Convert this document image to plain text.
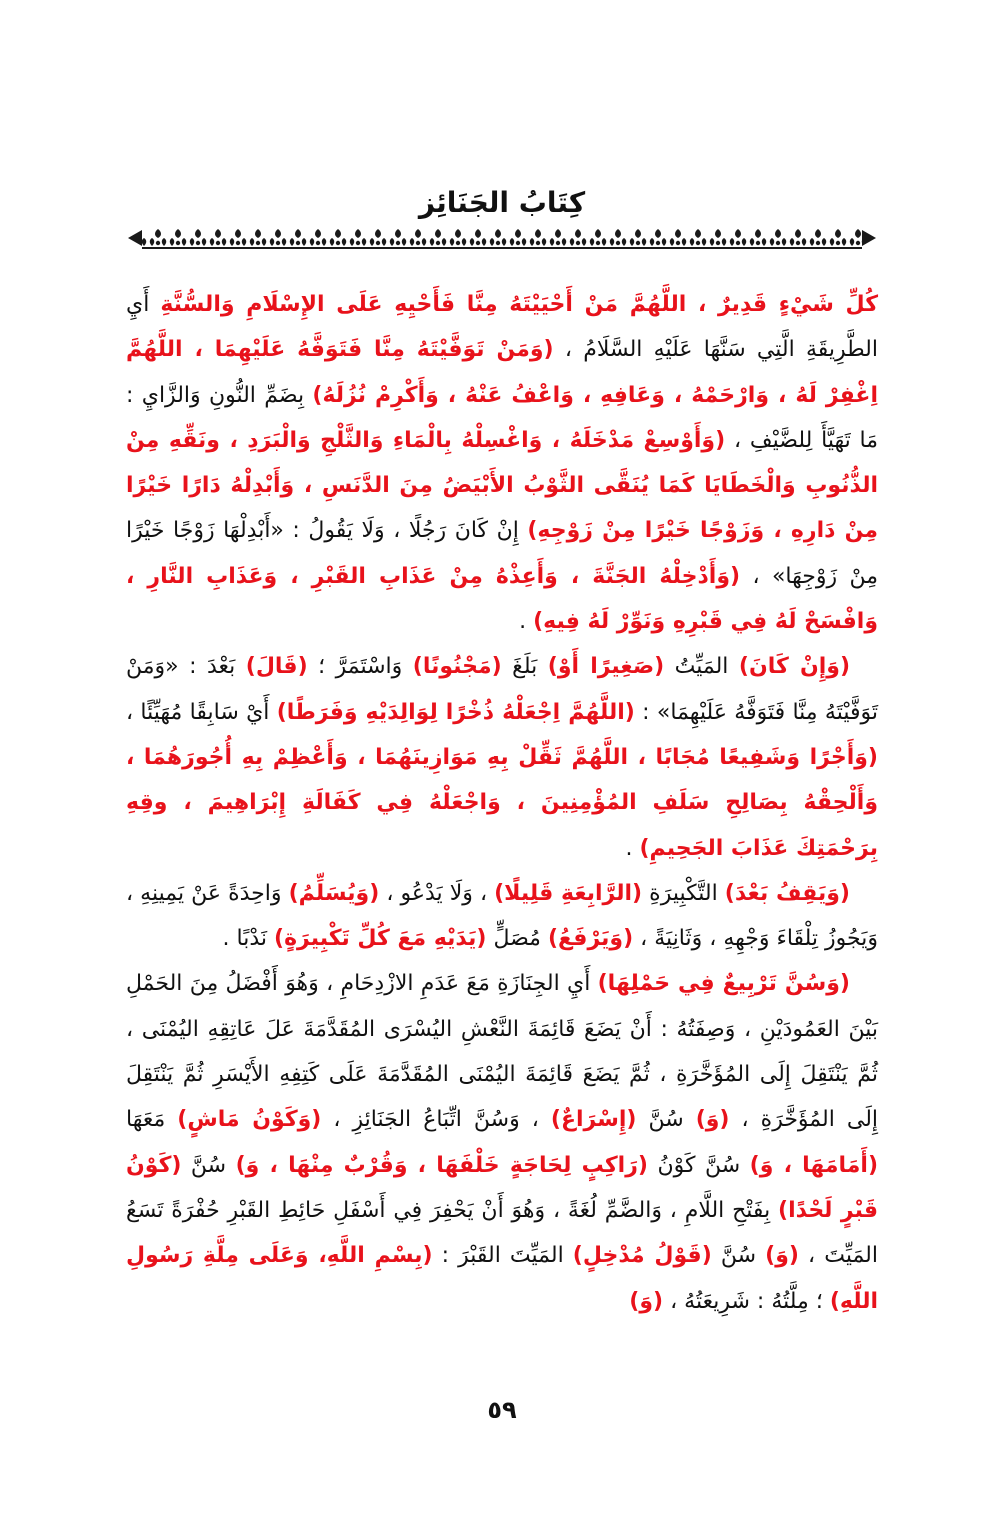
كِتَابُ الجَنَائِز

كُلِّ شَيْءٍ قَدِيرٌ ، اللَّهُمَّ مَنْ أَحْيَيْتَهُ مِنَّا فَأَحْيِهِ عَلَى الإِسْلَامِ وَالسُّنَّةِ أَيِ الطَّرِيقَةِ الَّتِي سَنَّهَا عَلَيْهِ السَّلَامُ ، (وَمَنْ تَوَفَّيْتَهُ مِنَّا فَتَوَفَّهُ عَلَيْهِمَا ، اللَّهُمَّ اِغْفِرْ لَهُ ، وَارْحَمْهُ ، وَعَافِهِ ، وَاعْفُ عَنْهُ ، وَأَكْرِمْ نُزُلَهُ) بِضَمِّ النُّونِ وَالزَّايِ : مَا تَهَيَّأَ لِلضَّيْفِ ، (وَأَوْسِعْ مَدْخَلَهُ ، وَاغْسِلْهُ بِالْمَاءِ وَالثَّلْجِ وَالْبَرَدِ ، ونَقِّهِ مِنْ الذُّنُوبِ وَالْخَطَايَا كَمَا يُنَقَّى الثَّوْبُ الأَبْيَضُ مِنَ الدَّنَسِ ، وَأَبْدِلْهُ دَارًا خَيْرًا مِنْ دَارِهِ ، وَزَوْجًا خَيْرًا مِنْ زَوْجِهِ) إِنْ كَانَ رَجُلًا ، وَلَا يَقُولُ : «أَبْدِلْهَا زَوْجًا خَيْرًا مِنْ زَوْجِهَا» ، (وَأَدْخِلْهُ الجَنَّةَ ، وَأَعِذْهُ مِنْ عَذَابِ القَبْرِ ، وَعَذَابِ النَّارِ ، وَافْسَحْ لَهُ فِي قَبْرِهِ وَنَوِّرْ لَهُ فِيهِ) .

(وَإِنْ كَانَ) المَيِّتُ (صَغِيرًا أَوْ) بَلَغَ (مَجْنُونًا) وَاسْتَمَرَّ ؛ (قَالَ) بَعْدَ : «وَمَنْ تَوَفَّيْتَهُ مِنَّا فَتَوَفَّهُ عَلَيْهِمَا» : (اللَّهُمَّ اِجْعَلْهُ ذُخْرًا لِوَالِدَيْهِ وَفَرَطًا) أَيْ سَابِقًا مُهَيِّئًا ، (وَأَجْرًا وَشَفِيعًا مُجَابًا ، اللَّهُمَّ ثَقِّلْ بِهِ مَوَازِينَهُمَا ، وَأَعْظِمْ بِهِ أُجُورَهُمَا ، وَأَلْحِقْهُ بِصَالِحِ سَلَفِ المُؤْمِنِينَ ، وَاجْعَلْهُ فِي كَفَالَةِ إِبْرَاهِيمَ ، وقِهِ بِرَحْمَتِكَ عَذَابَ الجَحِيمِ) .

(وَيَقِفُ بَعْدَ) التَّكْبِيرَةِ (الرَّابِعَةِ قَلِيلًا) ، وَلَا يَدْعُو ، (وَيُسَلِّمُ) وَاحِدَةً عَنْ يَمِينِهِ ، وَيَجُوزُ تِلْقَاءَ وَجْهِهِ ، وَثَانِيَةً ، (وَيَرْفَعُ) مُصَلٍّ (يَدَيْهِ مَعَ كُلِّ تَكْبِيرَةٍ) نَدْبًا .

(وَسُنَّ تَرْبِيعٌ فِي حَمْلِهَا) أَيِ الجِنَازَةِ مَعَ عَدَمِ الازْدِحَامِ ، وَهُوَ أَفْضَلُ مِنَ الحَمْلِ بَيْنَ العَمُودَيْنِ ، وَصِفَتُهُ : أَنْ يَضَعَ قَائِمَةَ النَّعْشِ اليُسْرَى المُقَدَّمَةَ عَلَ عَاتِقِهِ اليُمْنَى ، ثُمَّ يَنْتَقِلَ إِلَى المُؤَخَّرَةِ ، ثُمَّ يَضَعَ قَائِمَةَ اليُمْنَى المُقَدَّمَةَ عَلَى كَتِفِهِ الأَيْسَرِ ثُمَّ يَنْتَقِلَ إِلَى المُؤَخَّرَةِ ، (وَ) سُنَّ (إِسْرَاعٌ) ، وَسُنَّ اتِّبَاعُ الجَنَائِزِ ، (وَكَوْنُ مَاشٍ) مَعَهَا (أَمَامَهَا ، وَ) سُنَّ كَوْنُ (رَاكِبٍ لِحَاجَةٍ خَلْفَهَا ، وَقُرْبٌ مِنْهَا ، وَ) سُنَّ (كَوْنُ قَبْرٍ لَحْدًا) بِفَتْحِ اللَّامِ ، وَالضَّمِّ لُغَةً ، وَهُوَ أَنْ يَحْفِرَ فِي أَسْفَلِ حَائِطِ القَبْرِ حُفْرَةً تَسَعُ المَيِّتَ ، (وَ) سُنَّ (قَوْلُ مُدْخِلٍ) المَيِّتَ القَبْرَ : (بِسْمِ اللَّهِ، وَعَلَى مِلَّةِ رَسُولِ اللَّهِ) ؛ مِلَّتُهُ : شَرِيعَتُهُ ، (وَ)

٥٩
